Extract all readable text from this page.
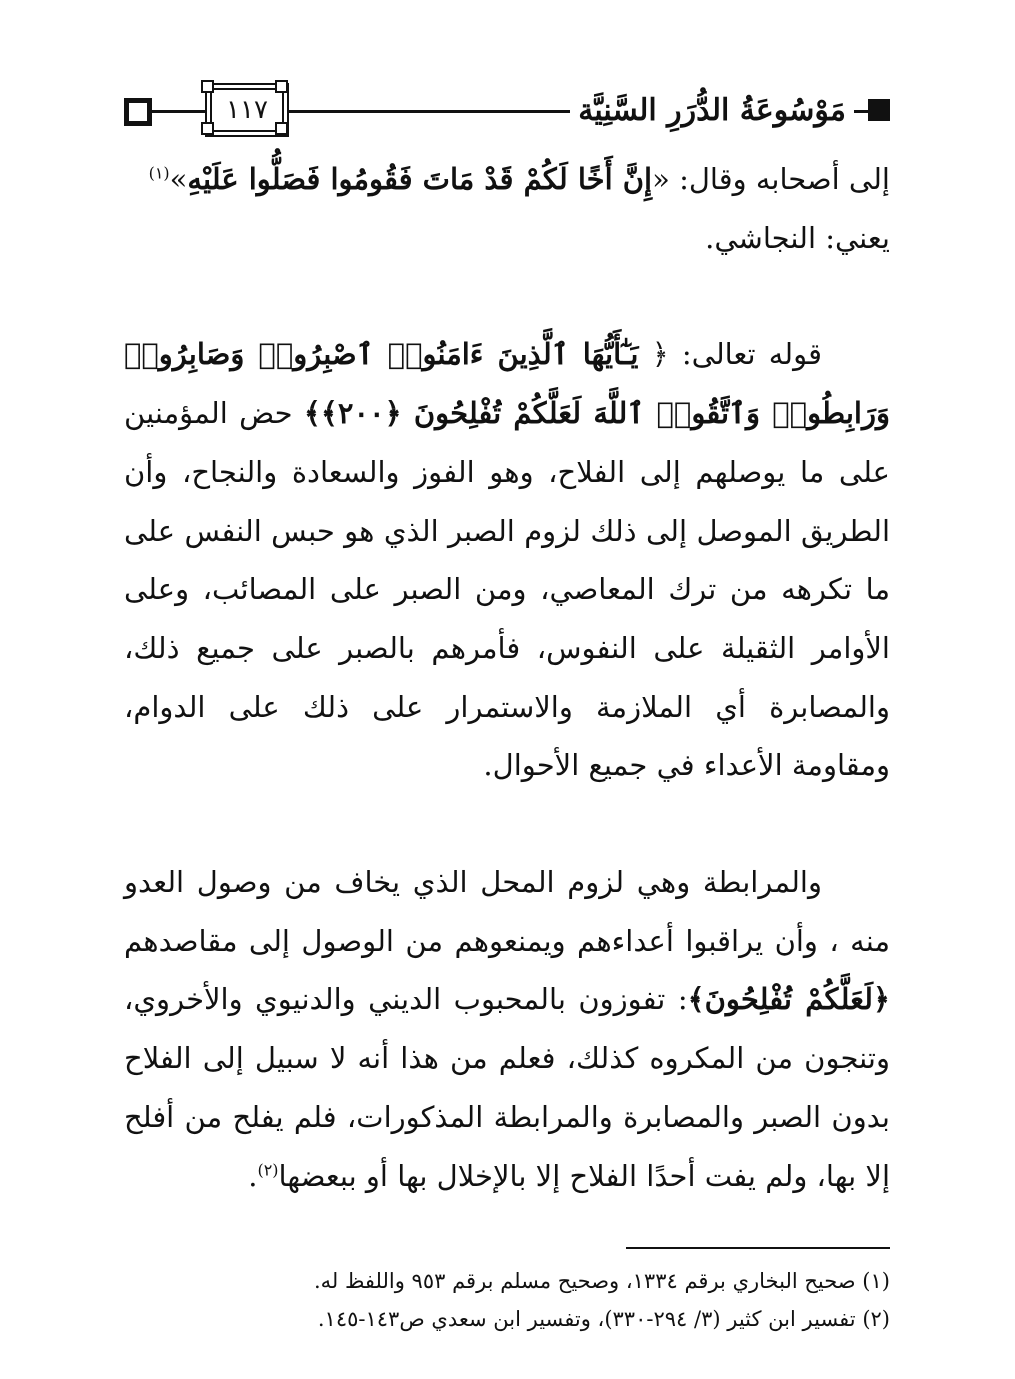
١١٧	مَوْسُوعَةُ الدُّرَرِ السَّنِيَّة

إلى أصحابه وقال: «إِنَّ أَخًا لَكُمْ قَدْ مَاتَ فَقُومُوا فَصَلُّوا عَلَيْهِ»$^{(١)}$
يعني: النجاشي.

قوله تعالى: ﴿ يَـٰٓأَيُّهَا ٱلَّذِينَ ءَامَنُوا۟ ٱصْبِرُوا۟ وَصَابِرُوا۟ وَرَابِطُوا۟ وَٱتَّقُوا۟ ٱللَّهَ لَعَلَّكُمْ تُفْلِحُونَ ﴿٢٠٠﴾﴾ حض المؤمنين على ما يوصلهم إلى الفلاح، وهو الفوز والسعادة والنجاح، وأن الطريق الموصل إلى ذلك لزوم الصبر الذي هو حبس النفس على ما تكرهه من ترك المعاصي، ومن الصبر على المصائب، وعلى الأوامر الثقيلة على النفوس، فأمرهم بالصبر على جميع ذلك، والمصابرة أي الملازمة والاستمرار على ذلك على الدوام، ومقاومة الأعداء في جميع الأحوال.

والمرابطة وهي لزوم المحل الذي يخاف من وصول العدو منه ، وأن يراقبوا أعداءهم ويمنعوهم من الوصول إلى مقاصدهم ﴿لَعَلَّكُمْ تُفْلِحُونَ﴾: تفوزون بالمحبوب الديني والدنيوي والأخروي، وتنجون من المكروه كذلك، فعلم من هذا أنه لا سبيل إلى الفلاح بدون الصبر والمصابرة والمرابطة المذكورات، فلم يفلح من أفلح إلا بها، ولم يفت أحدًا الفلاح إلا بالإخلال بها أو ببعضها$^{(٢)}$.

(١) صحيح البخاري برقم ١٣٣٤، وصحيح مسلم برقم ٩٥٣ واللفظ له.

(٢) تفسير ابن كثير (٣/ ٢٩٤-٣٣٠)، وتفسير ابن سعدي ص١٤٣-١٤٥.
